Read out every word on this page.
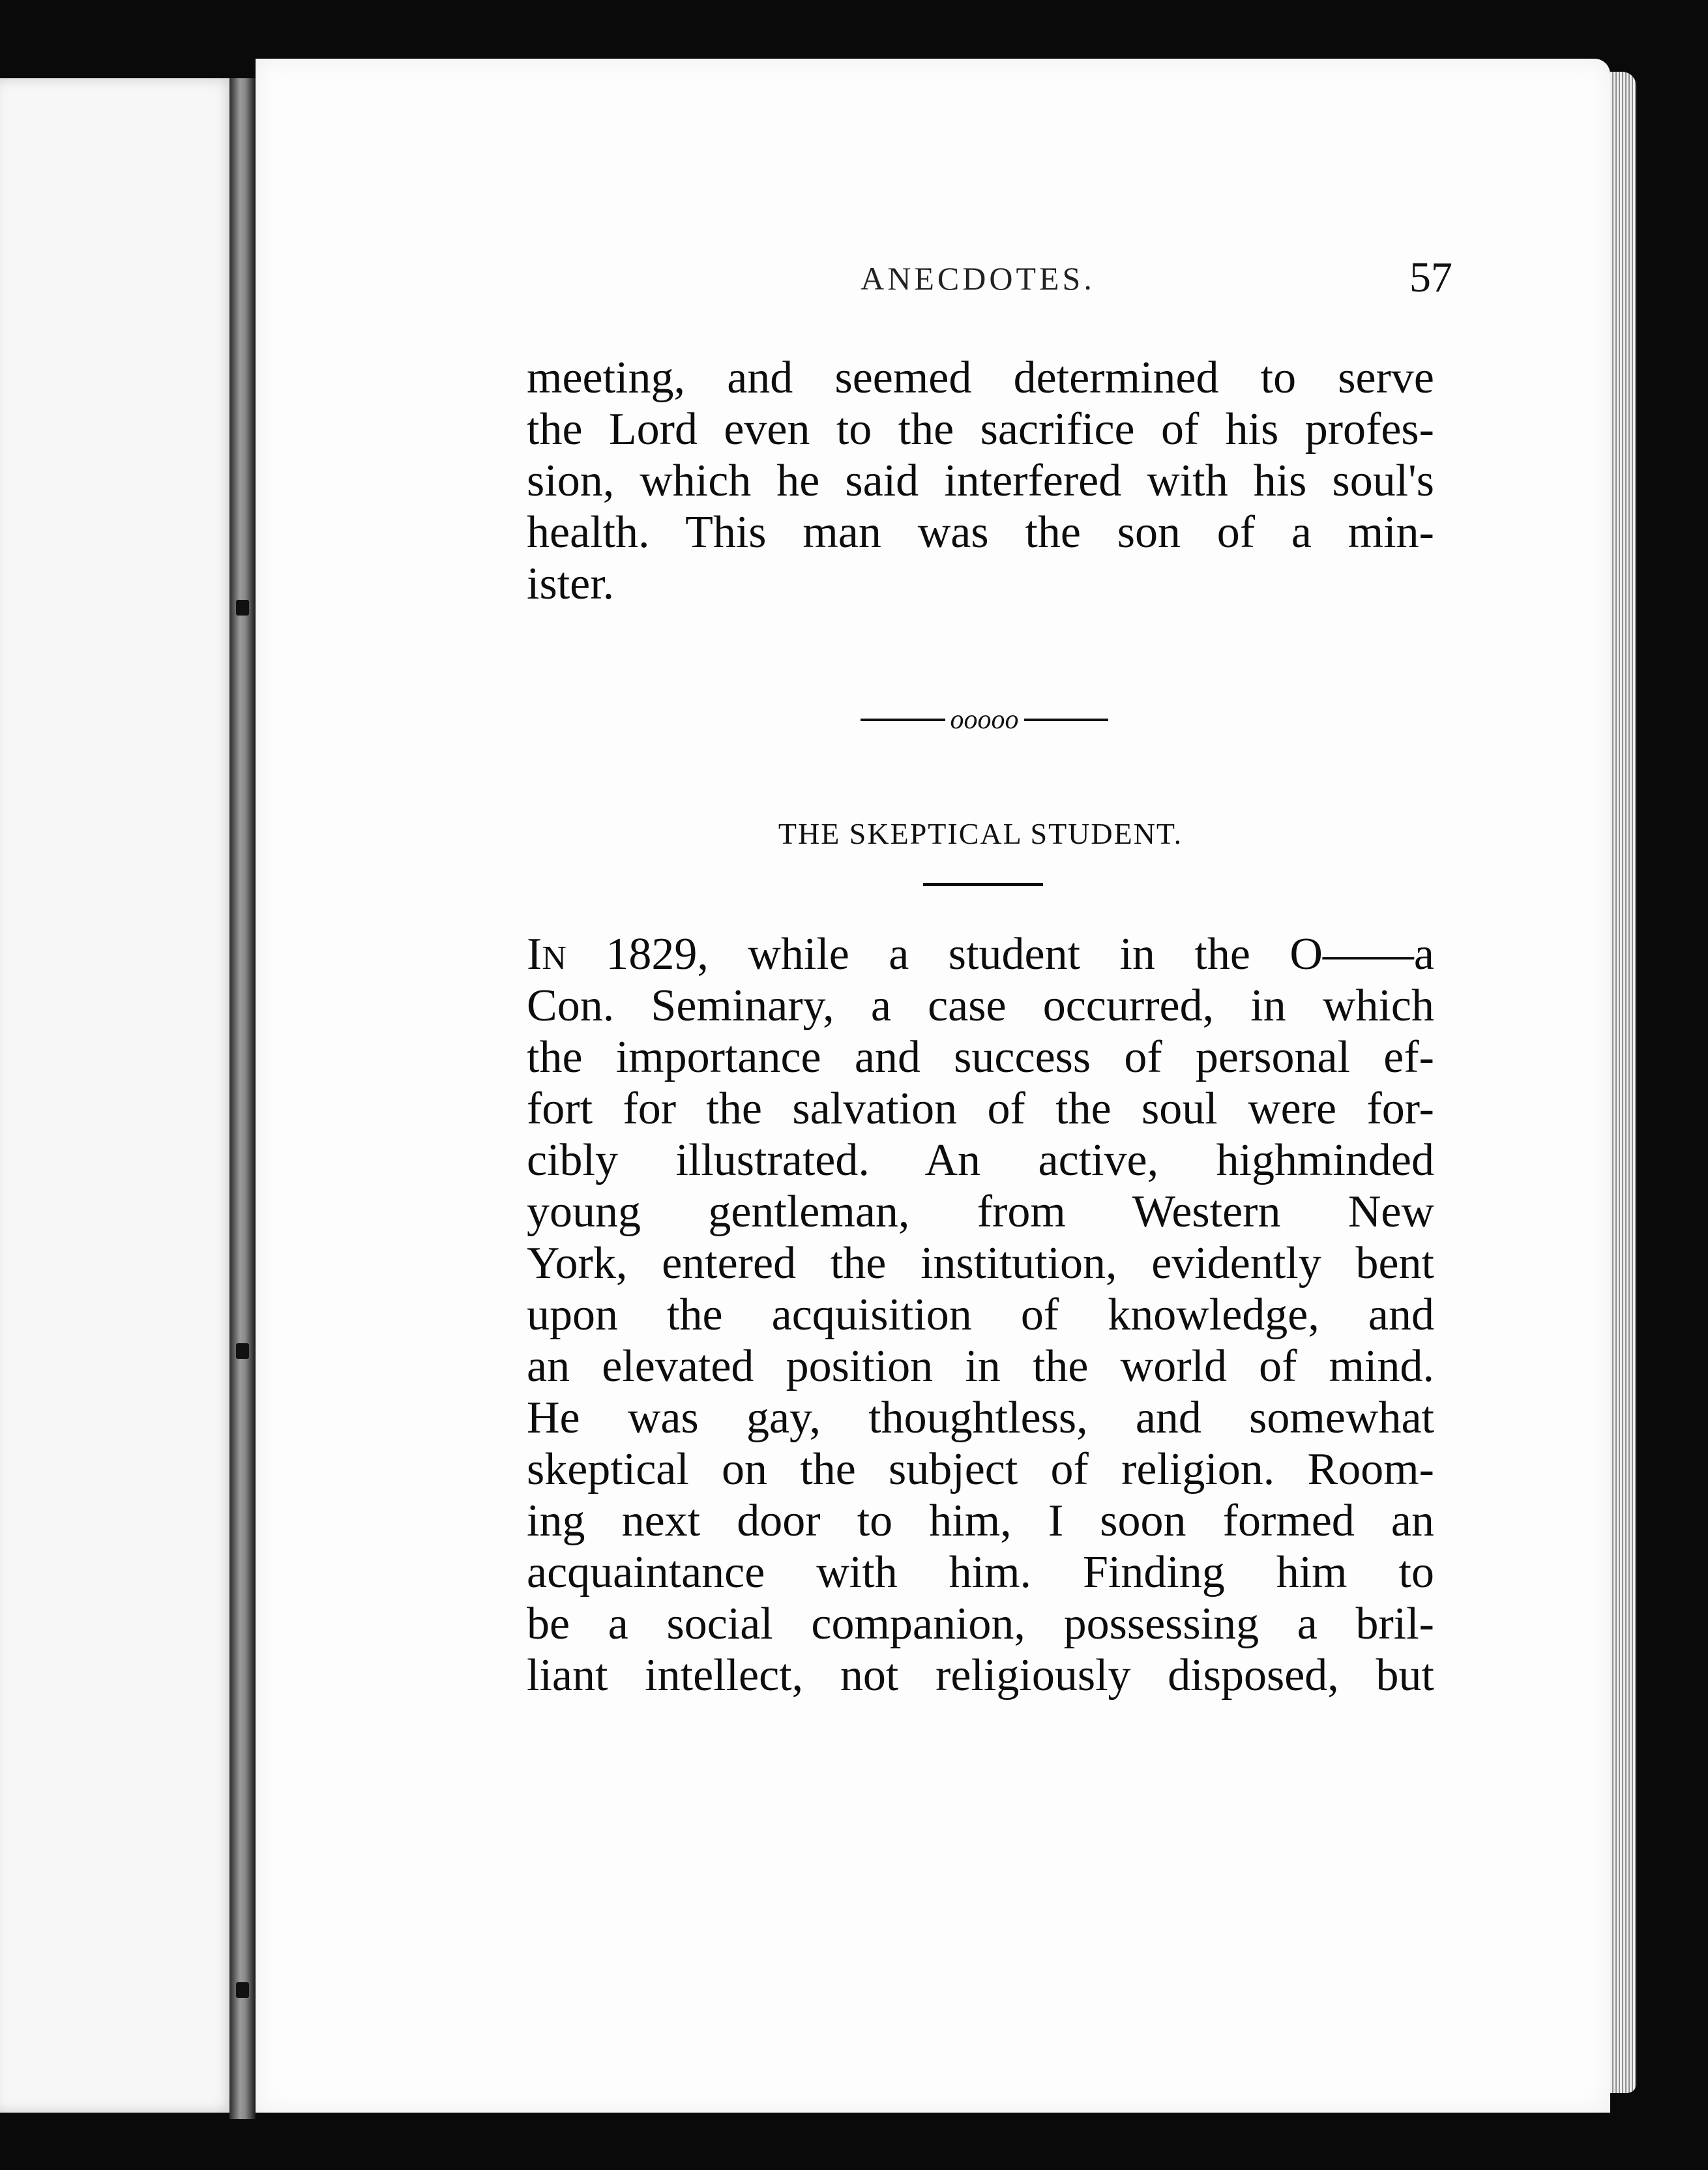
ANECDOTES.	57
meeting, and seemed determined to serve
the Lord even to the sacrifice of his profes-
sion, which he said interfered with his soul's
health. This man was the son of a min-
ister.
ooooo
THE SKEPTICAL STUDENT.
IN 1829, while a student in the O——a
Con. Seminary, a case occurred, in which
the importance and success of personal ef-
fort for the salvation of the soul were for-
cibly illustrated. An active, highminded
young gentleman, from Western New
York, entered the institution, evidently bent
upon the acquisition of knowledge, and
an elevated position in the world of mind.
He was gay, thoughtless, and somewhat
skeptical on the subject of religion. Room-
ing next door to him, I soon formed an
acquaintance with him. Finding him to
be a social companion, possessing a bril-
liant intellect, not religiously disposed, but
